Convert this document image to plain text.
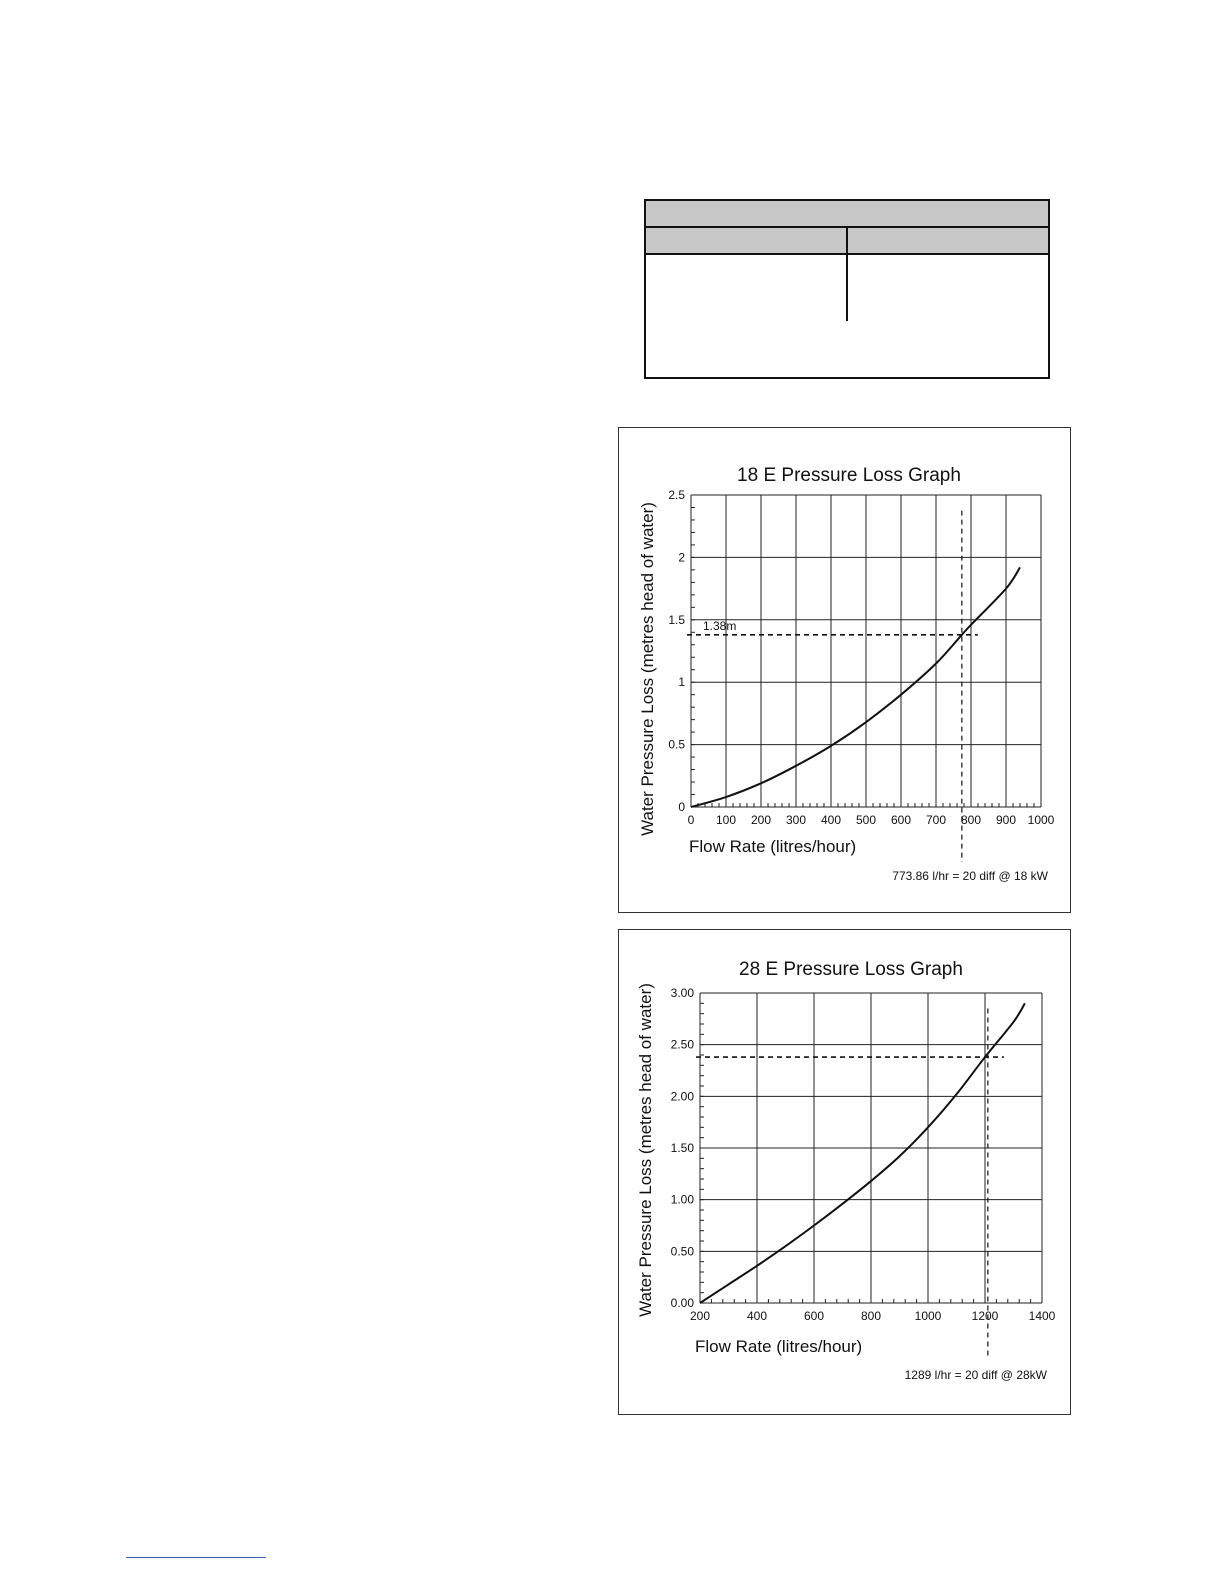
18 E Pressure Loss Graph
Water Pressure Loss (metres head of water)
Flow Rate (litres/hour)
1.38m
773.86 l/hr = 20 diff @ 18 kW
0 100 200 300 400 500 600 700 800 900 1000
0
0.5
1
1.5
2
2.5
28 E Pressure Loss Graph
Water Pressure Loss (metres head of water)
Flow Rate (litres/hour)
1289 l/hr = 20 diff @ 28kW
200	400	600	800	1000	1200	1400
0.00
0.50
1.00
1.50
2.00
2.50
3.00
